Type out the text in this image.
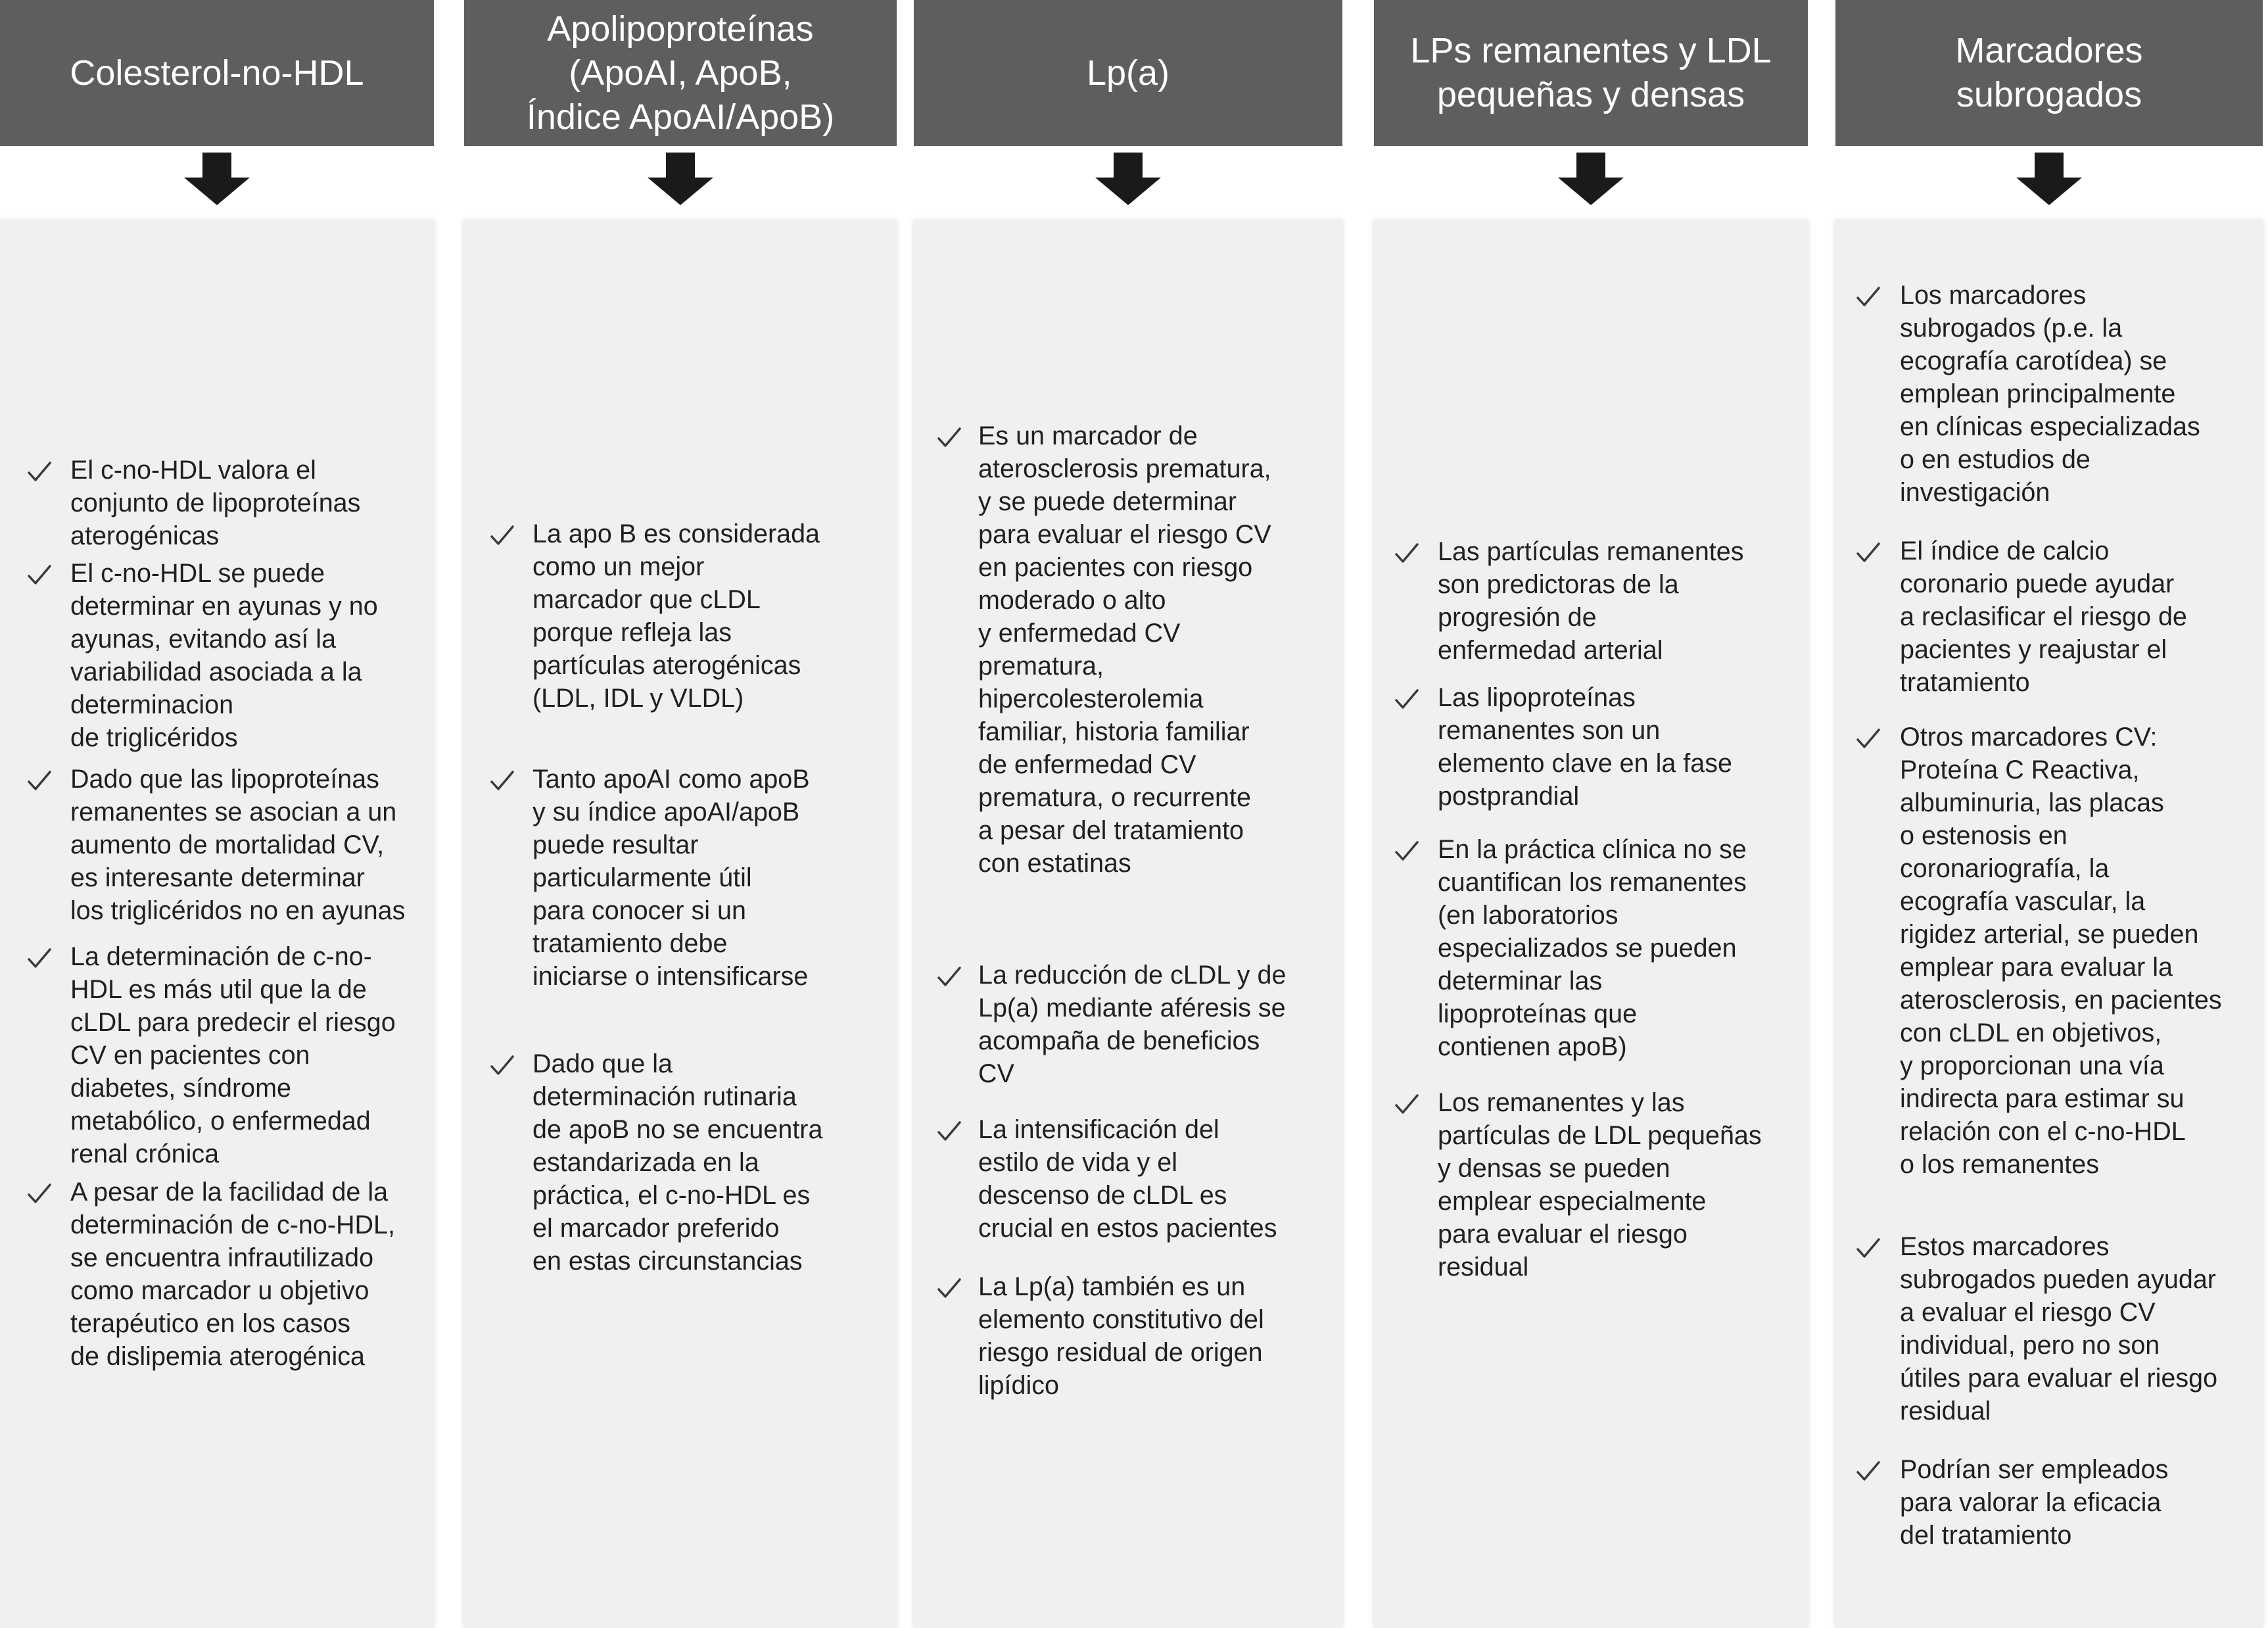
Colesterol-no-HDL
El c-no-HDL valora el
conjunto de lipoproteínas
aterogénicas
El c-no-HDL se puede
determinar en ayunas y no
ayunas, evitando así la
variabilidad asociada a la
determinacion
de triglicéridos
Dado que las lipoproteínas
remanentes se asocian a un
aumento de mortalidad CV,
es interesante determinar
los triglicéridos no en ayunas
La determinación de c-no-
HDL es más util que la de
cLDL para predecir el riesgo
CV en pacientes con
diabetes, síndrome
metabólico, o enfermedad
renal crónica
A pesar de la facilidad de la
determinación de c-no-HDL,
se encuentra infrautilizado
como marcador u objetivo
terapéutico en los casos
de dislipemia aterogénica
Apolipoproteínas
(ApoAI, ApoB,
Índice ApoAI/ApoB)
La apo B es considerada
como un mejor
marcador que cLDL
porque refleja las
partículas aterogénicas
(LDL, IDL y VLDL)
Tanto apoAI como apoB
y su índice apoAI/apoB
puede resultar
particularmente útil
para conocer si un
tratamiento debe
iniciarse o intensificarse
Dado que la
determinación rutinaria
de apoB no se encuentra
estandarizada en la
práctica, el c-no-HDL es
el marcador preferido
en estas circunstancias
Lp(a)
Es un marcador de
aterosclerosis prematura,
y se puede determinar
para evaluar el riesgo CV
en pacientes con riesgo
moderado o alto
y enfermedad CV
prematura,
hipercolesterolemia
familiar, historia familiar
de enfermedad CV
prematura, o recurrente
a pesar del tratamiento
con estatinas
La reducción de cLDL y de
Lp(a) mediante aféresis se
acompaña de beneficios
CV
La intensificación del
estilo de vida y el
descenso de cLDL es
crucial en estos pacientes
La Lp(a) también es un
elemento constitutivo del
riesgo residual de origen
lipídico
LPs remanentes y LDL
pequeñas y densas
Las partículas remanentes
son predictoras de la
progresión de
enfermedad arterial
Las lipoproteínas
remanentes son un
elemento clave en la fase
postprandial
En la práctica clínica no se
cuantifican los remanentes
(en laboratorios
especializados se pueden
determinar las
lipoproteínas que
contienen apoB)
Los remanentes y las
partículas de LDL pequeñas
y densas se pueden
emplear especialmente
para evaluar el riesgo
residual
Marcadores
subrogados
Los marcadores
subrogados (p.e. la
ecografía carotídea) se
emplean principalmente
en clínicas especializadas
o en estudios de
investigación
El índice de calcio
coronario puede ayudar
a reclasificar el riesgo de
pacientes y reajustar el
tratamiento
Otros marcadores CV:
Proteína C Reactiva,
albuminuria, las placas
o estenosis en
coronariografía, la
ecografía vascular, la
rigidez arterial, se pueden
emplear para evaluar la
aterosclerosis, en pacientes
con cLDL en objetivos,
y proporcionan una vía
indirecta para estimar su
relación con el c-no-HDL
o los remanentes
Estos marcadores
subrogados pueden ayudar
a evaluar el riesgo CV
individual, pero no son
útiles para evaluar el riesgo
residual
Podrían ser empleados
para valorar la eficacia
del tratamiento
